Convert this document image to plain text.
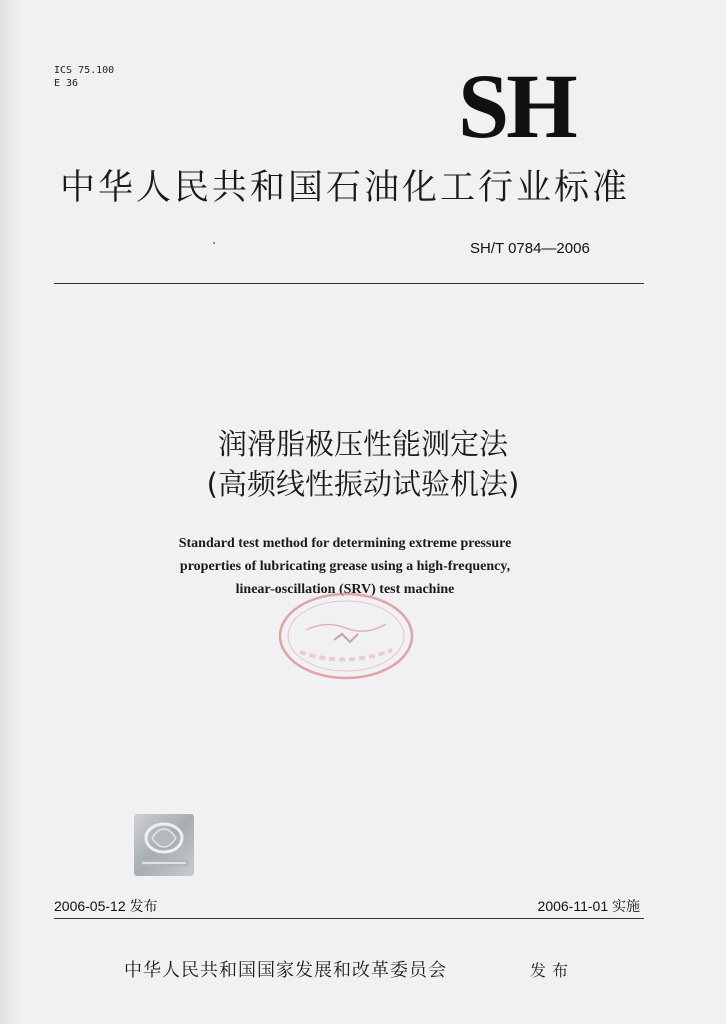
ICS 75.100
E 36	SH
中华人民共和国石油化工行业标准
SH/T 0784—2006
润滑脂极压性能测定法
(高频线性振动试验机法)
Standard test method for determining extreme pressure
properties of lubricating grease using a high-frequency,
linear-oscillation (SRV) test machine
2006-05-12 发布	2006-11-01 实施
中华人民共和国国家发展和改革委员会	发布
